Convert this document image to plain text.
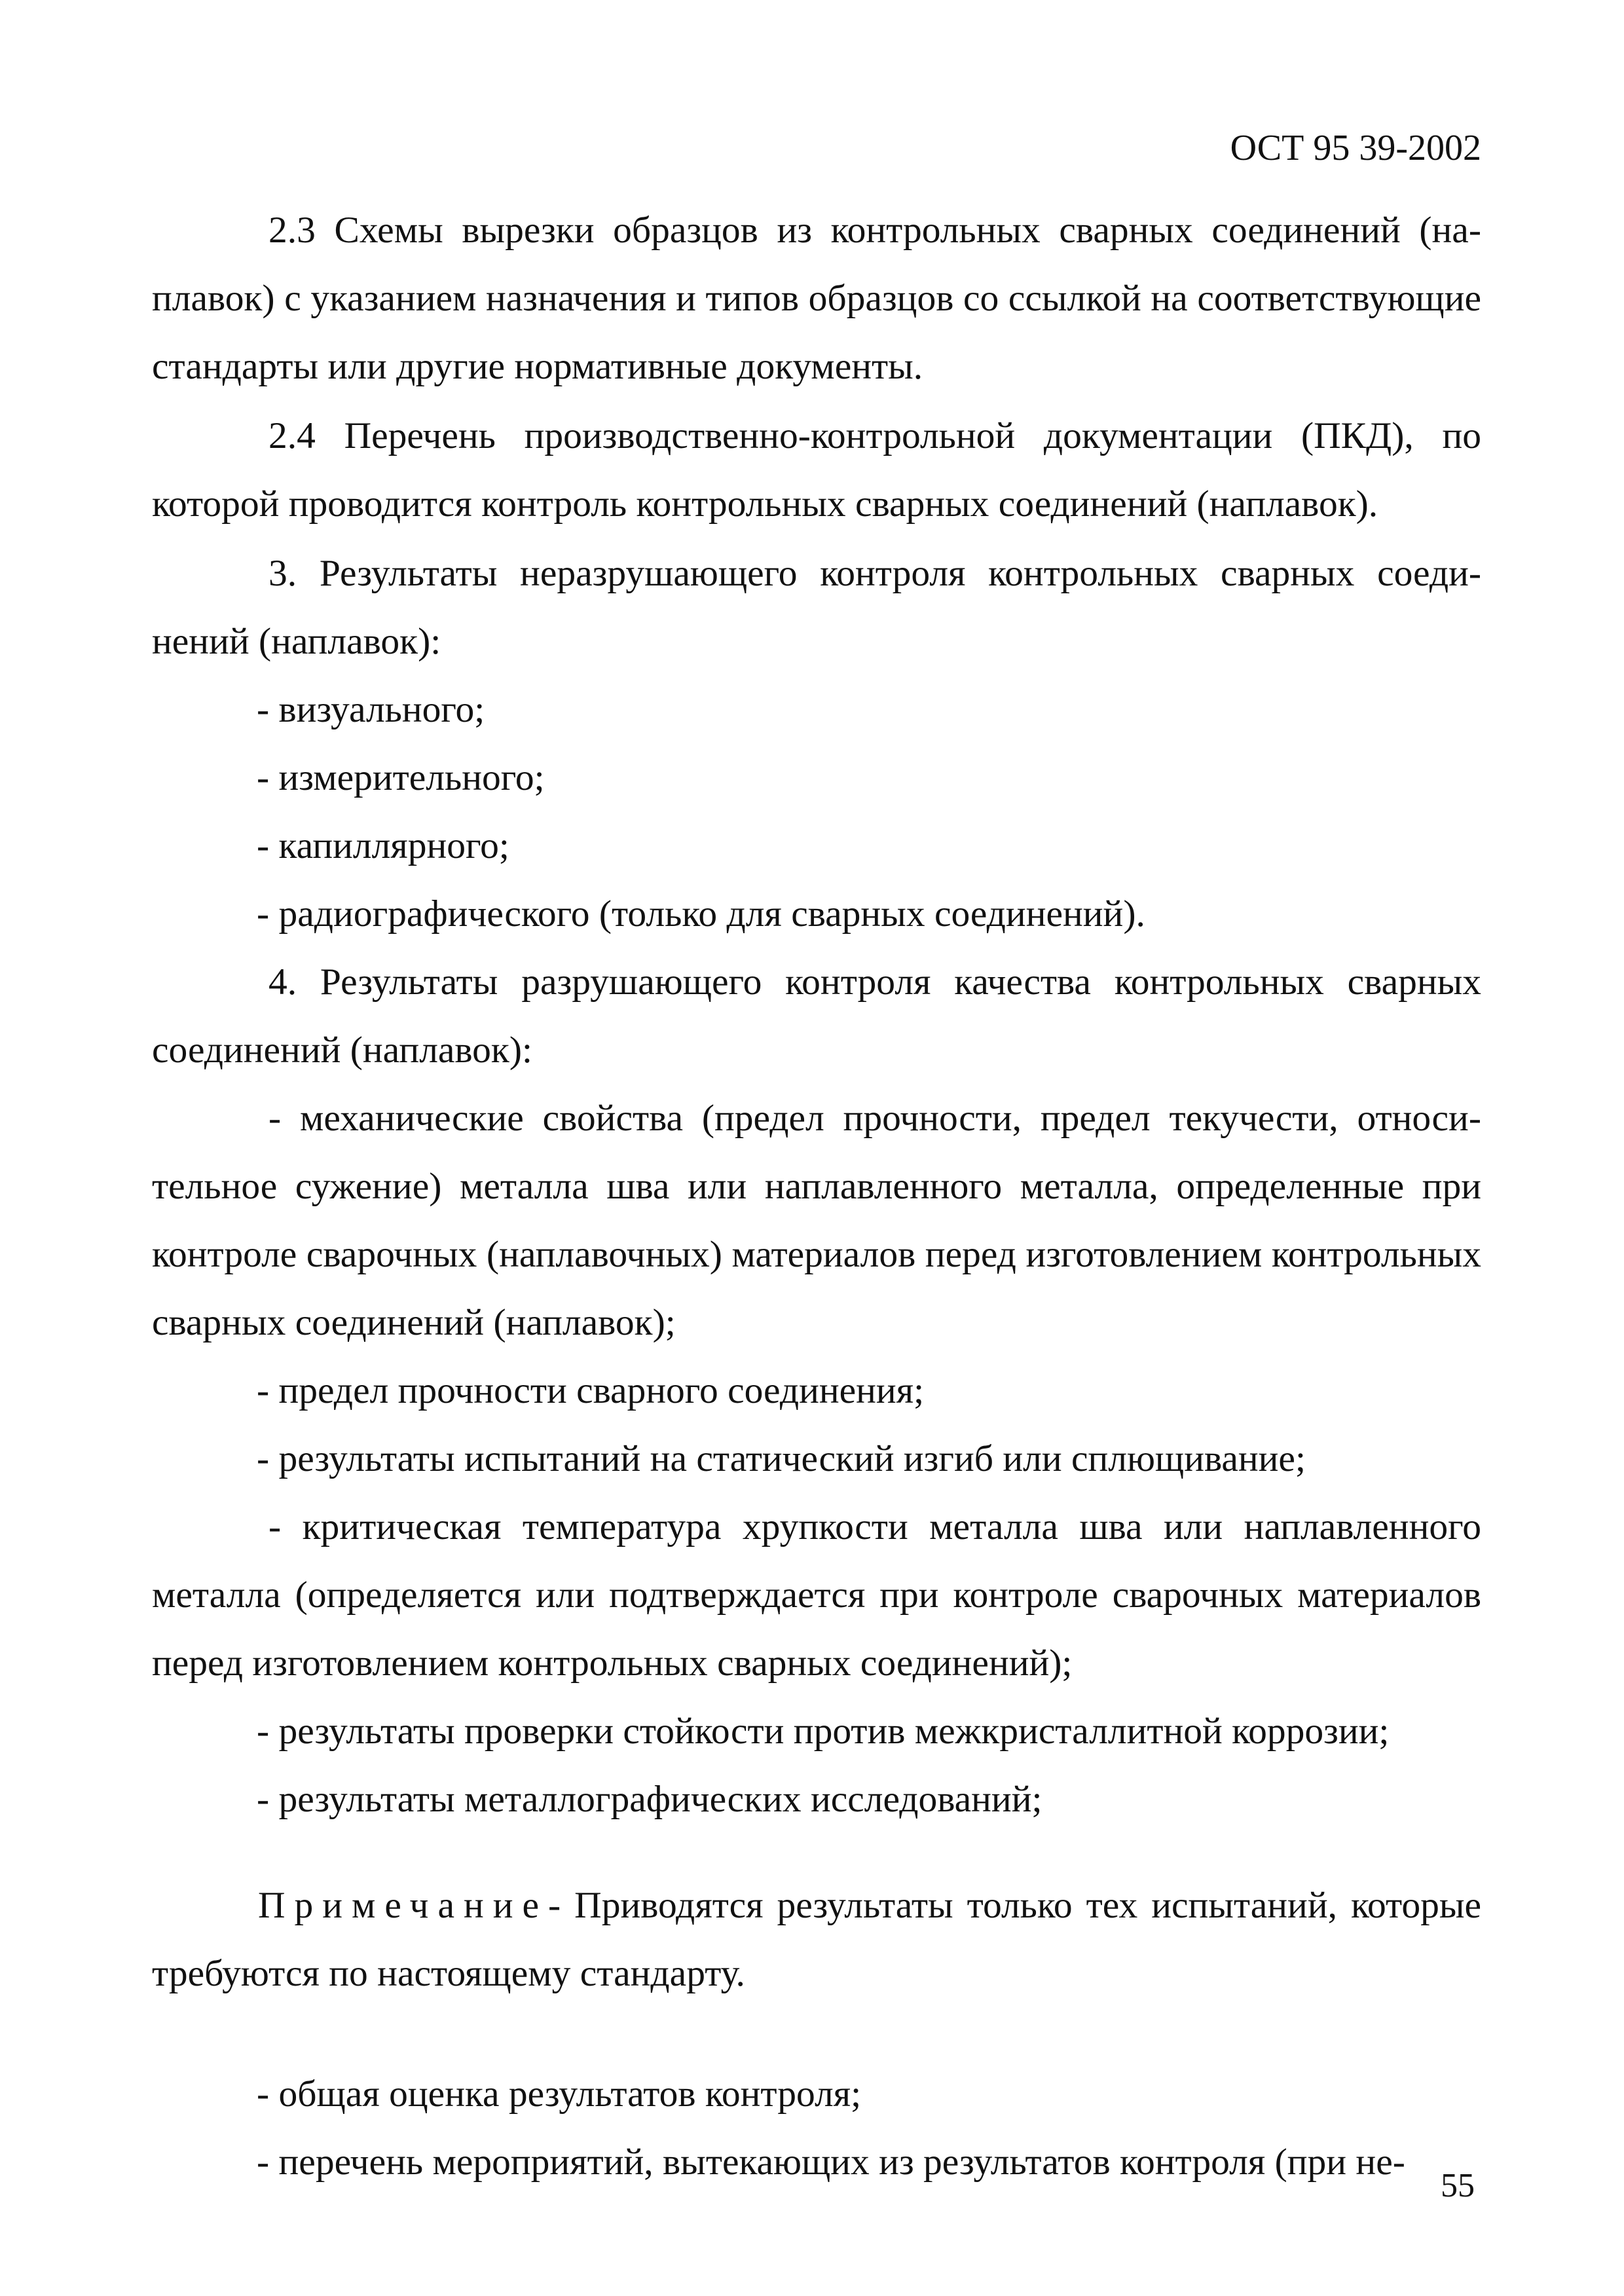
ОСТ 95 39-2002

2.3 Схемы вырезки образцов из контрольных сварных соединений (наплавок) с указанием назначения и типов образцов со ссылкой на соответствующие стандарты или другие нормативные документы.

2.4 Перечень производственно-контрольной документации (ПКД), по которой проводится контроль контрольных сварных соединений (наплавок).

3. Результаты неразрушающего контроля контрольных сварных соединений (наплавок):

- визуального;

- измерительного;

- капиллярного;

- радиографического (только для сварных соединений).

4. Результаты разрушающего контроля качества контрольных сварных соединений (наплавок):

- механические свойства (предел прочности, предел текучести, относительное сужение) металла шва или наплавленного металла, определенные при контроле сварочных (наплавочных) материалов перед изготовлением контрольных сварных соединений (наплавок);

- предел прочности сварного соединения;

- результаты испытаний на статический изгиб или сплющивание;

- критическая температура хрупкости металла шва или наплавленного металла (определяется или подтверждается при контроле сварочных материалов перед изготовлением контрольных сварных соединений);

- результаты проверки стойкости против межкристаллитной коррозии;

- результаты металлографических исследований;

Примечание- Приводятся результаты только тех испытаний, которые требуются по настоящему стандарту.

- общая оценка результатов контроля;

- перечень мероприятий, вытекающих из результатов контроля (при не-

55
